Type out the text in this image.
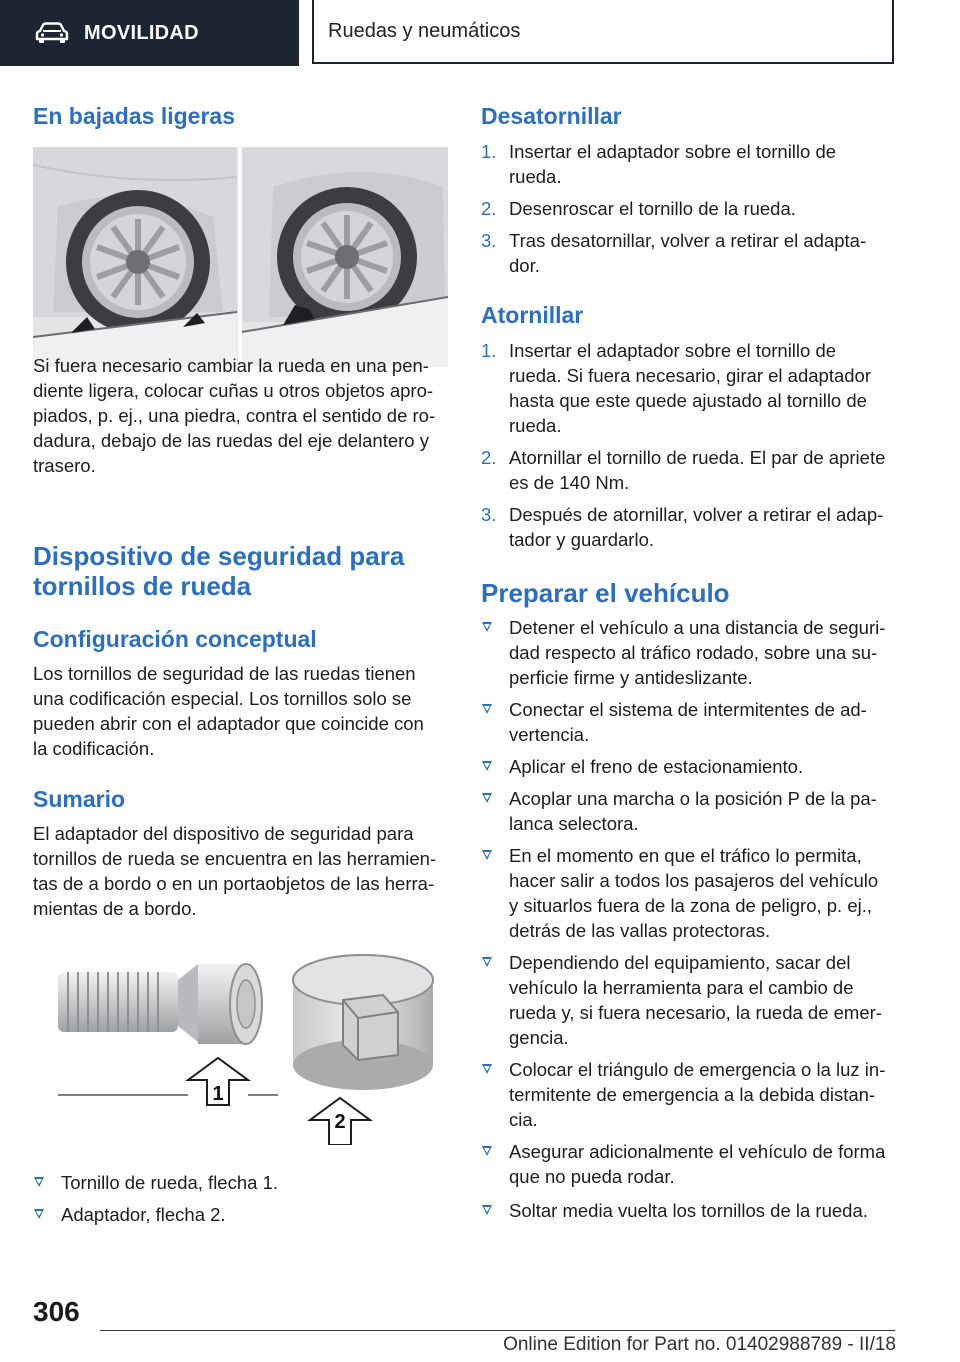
MOVILIDAD	Ruedas y neumáticos
En bajadas ligeras

Si fuera necesario cambiar la rueda en una pen‐
diente ligera, colocar cuñas u otros objetos apro‐
piados, p. ej., una piedra, contra el sentido de ro‐
dadura, debajo de las ruedas del eje delantero y
trasero.

Dispositivo de seguridad para
tornillos de rueda
Configuración conceptual

Los tornillos de seguridad de las ruedas tienen
una codificación especial. Los tornillos solo se
pueden abrir con el adaptador que coincide con
la codificación.

Sumario

El adaptador del dispositivo de seguridad para
tornillos de rueda se encuentra en las herramien‐
tas de a bordo o en un portaobjetos de las herra‐
mientas de a bordo.

1
2
Tornillo de rueda, flecha 1.
Adaptador, flecha 2.
Desatornillar
1. Insertar el adaptador sobre el tornillo de
rueda.
2. Desenroscar el tornillo de la rueda.
3. Tras desatornillar, volver a retirar el adapta‐
dor.
Atornillar
1. Insertar el adaptador sobre el tornillo de
rueda. Si fuera necesario, girar el adaptador
hasta que este quede ajustado al tornillo de
rueda.
2. Atornillar el tornillo de rueda. El par de apriete
es de 140 Nm.
3. Después de atornillar, volver a retirar el adap‐
tador y guardarlo.
Preparar el vehículo
Detener el vehículo a una distancia de seguri‐
dad respecto al tráfico rodado, sobre una su‐
perficie firme y antideslizante.
Conectar el sistema de intermitentes de ad‐
vertencia.
Aplicar el freno de estacionamiento.
Acoplar una marcha o la posición P de la pa‐
lanca selectora.
En el momento en que el tráfico lo permita,
hacer salir a todos los pasajeros del vehículo
y situarlos fuera de la zona de peligro, p. ej.,
detrás de las vallas protectoras.
Dependiendo del equipamiento, sacar del
vehículo la herramienta para el cambio de
rueda y, si fuera necesario, la rueda de emer‐
gencia.
Colocar el triángulo de emergencia o la luz in‐
termitente de emergencia a la debida distan‐
cia.
Asegurar adicionalmente el vehículo de forma
que no pueda rodar.
Soltar media vuelta los tornillos de la rueda.
306
Online Edition for Part no. 01402988789 - II/18
